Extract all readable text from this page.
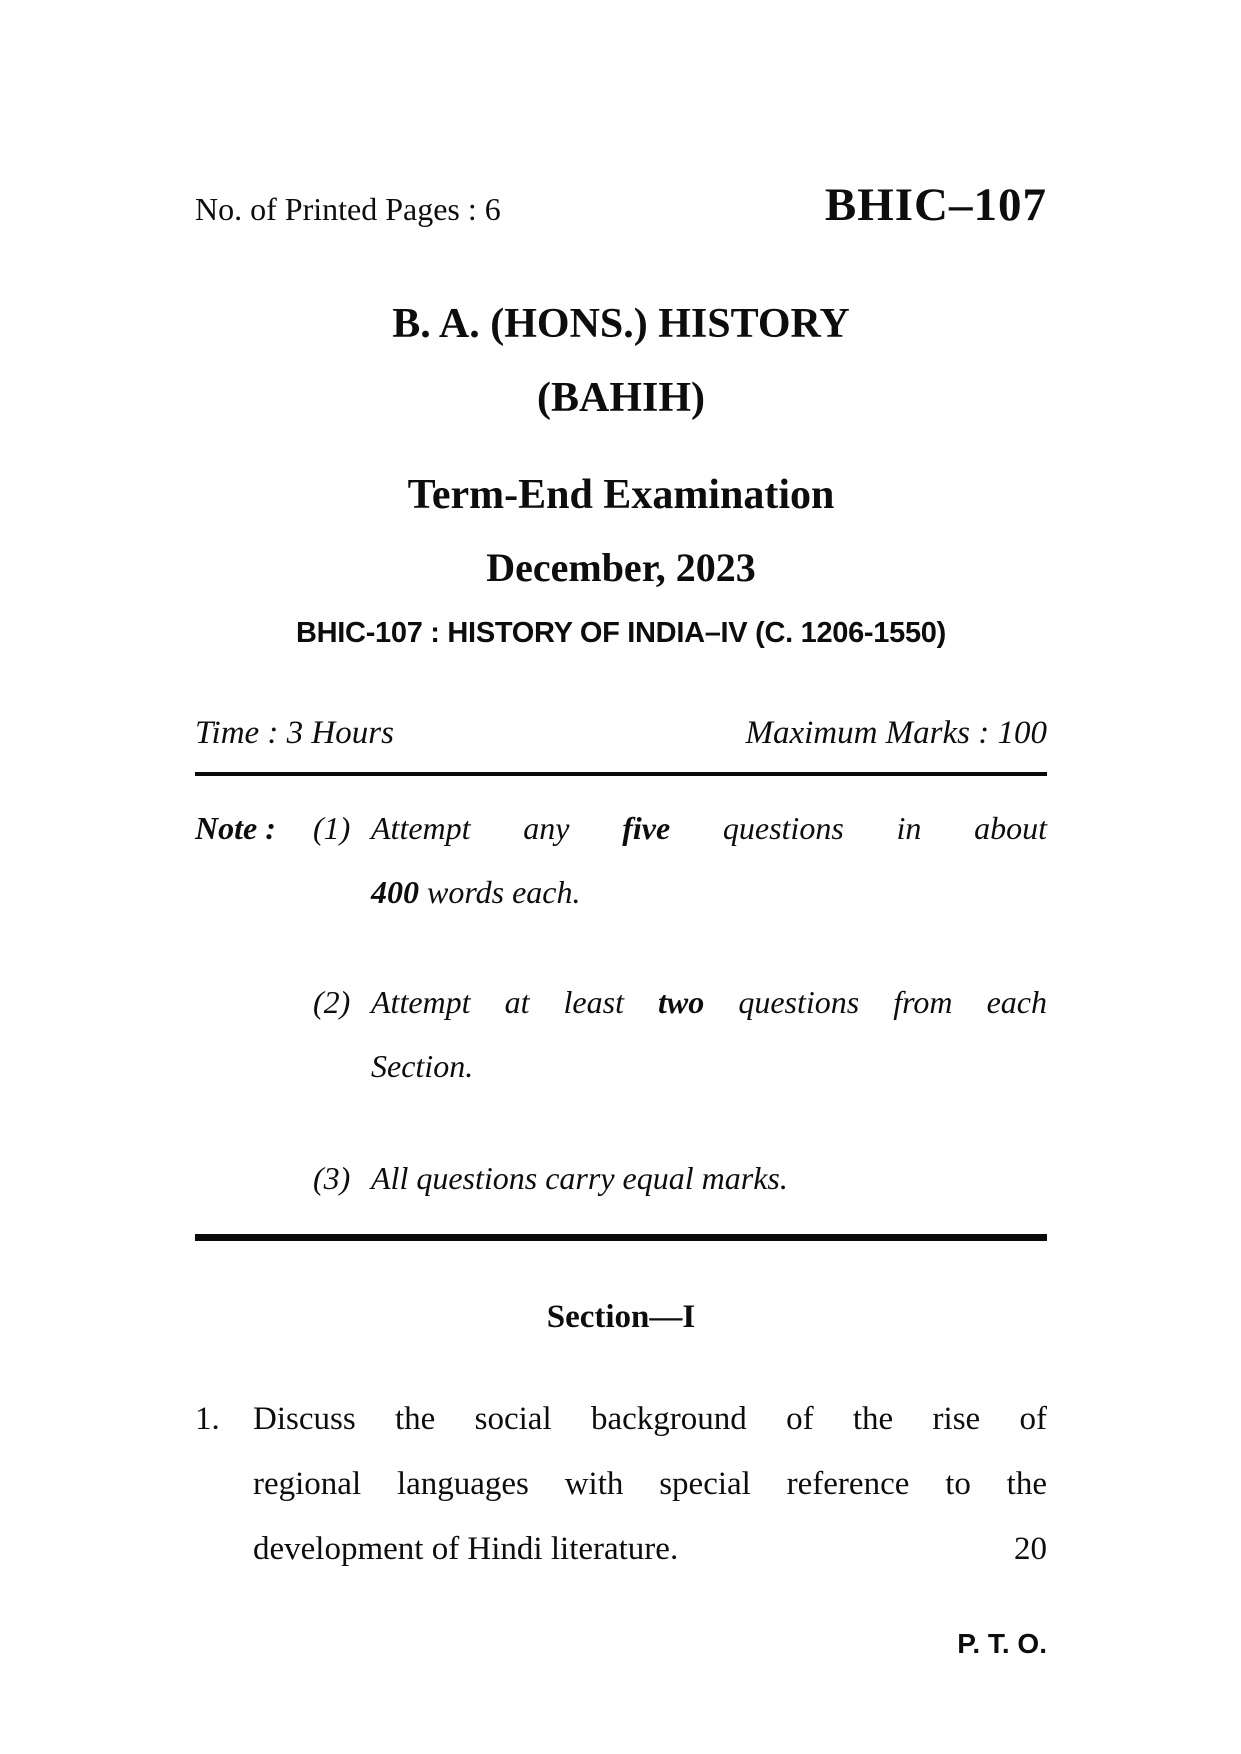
No. of Printed Pages : 6	BHIC–107
B. A. (HONS.) HISTORY
(BAHIH)
Term-End Examination
December, 2023
BHIC-107 : HISTORY OF INDIA–IV (C. 1206-1550)
Time : 3 Hours	Maximum Marks : 100
Note :	(1) Attempt any five questions in about
400 words each.
(2) Attempt at least two questions from each
Section.
(3) All questions carry equal marks.
Section—I
1.	Discuss the social background of the rise of
regional languages with special reference to the
development of Hindi literature.	20
P. T. O.
